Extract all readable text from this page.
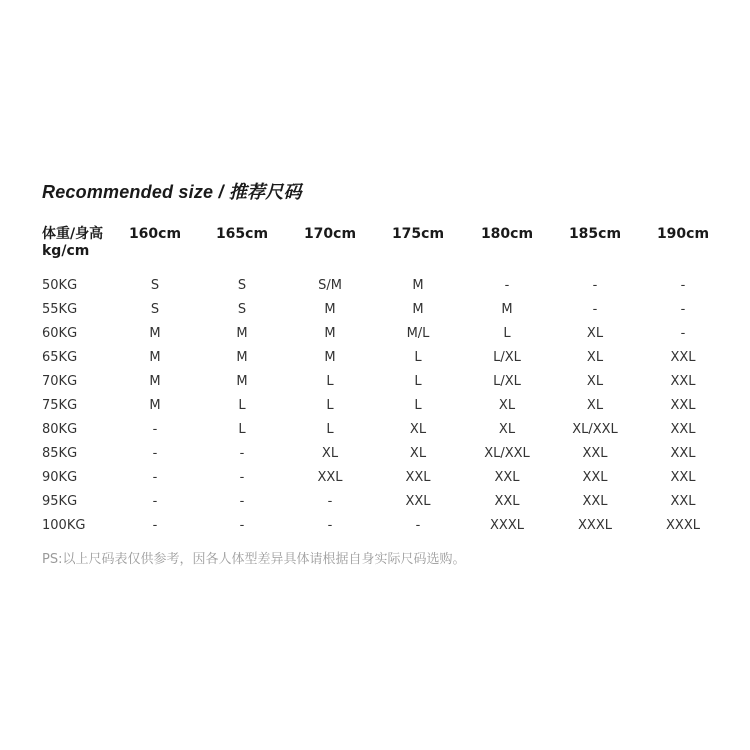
Recommended size / 推荐尺码
体重/身高
kg/cm
160cm	165cm	170cm	175cm	180cm	185cm	190cm
50KG	S	S	S/M	M	-	-	-
55KG	S	S	M	M	M	-	-
60KG	M	M	M	M/L	L	XL	-
65KG	M	M	M	L	L/XL	XL	XXL
70KG	M	M	L	L	L/XL	XL	XXL
75KG	M	L	L	L	XL	XL	XXL
80KG	-	L	L	XL	XL	XL/XXL	XXL
85KG	-	-	XL	XL	XL/XXL	XXL	XXL
90KG	-	-	XXL	XXL	XXL	XXL	XXL
95KG	-	-	-	XXL	XXL	XXL	XXL
100KG	-	-	-	-	XXXL	XXXL	XXXL
PS:以上尺码表仅供参考，因各人体型差异具体请根据自身实际尺码选购。
